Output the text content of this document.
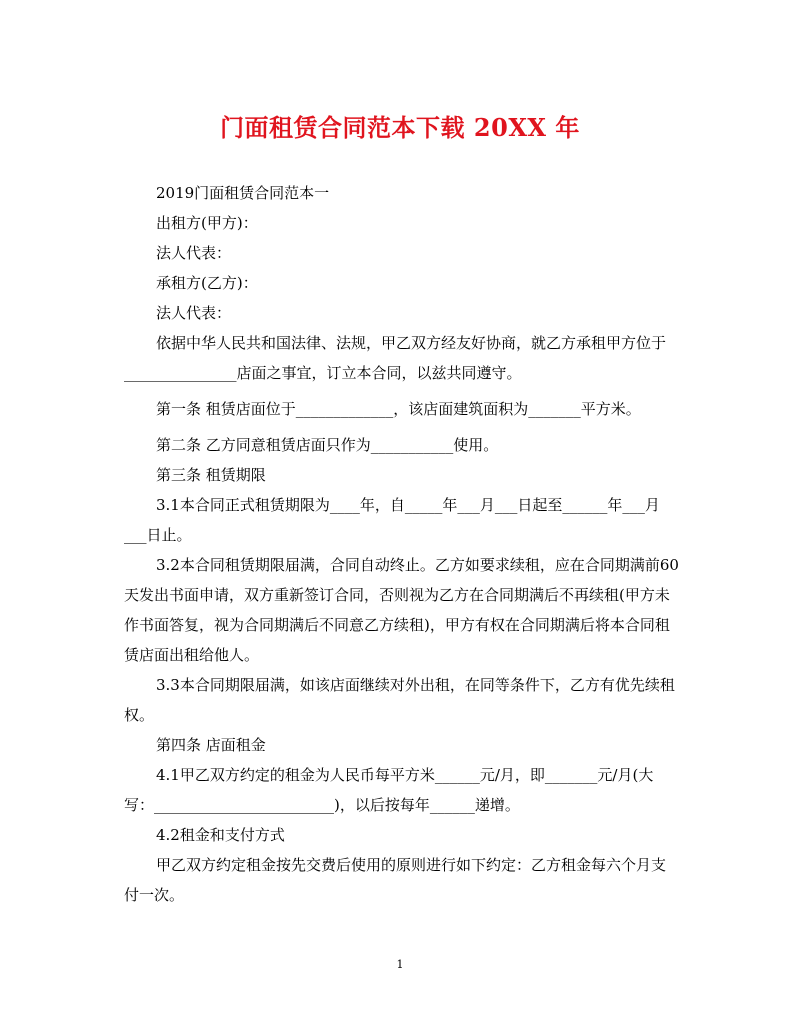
门面租赁合同范本下载 20XX 年

2019门面租赁合同范本一

出租方(甲方)：

法人代表：

承租方(乙方)：

法人代表：

依据中华人民共和国法律、法规，甲乙双方经友好协商，就乙方承租甲方位于_______________店面之事宜，订立本合同，以兹共同遵守。

第一条 租赁店面位于_____________，该店面建筑面积为_______平方米。

第二条 乙方同意租赁店面只作为___________使用。

第三条 租赁期限

3.1本合同正式租赁期限为____年，自_____年___月___日起至______年___月___日止。

3.2本合同租赁期限届满，合同自动终止。乙方如要求续租，应在合同期满前60天发出书面申请，双方重新签订合同，否则视为乙方在合同期满后不再续租(甲方未作书面答复，视为合同期满后不同意乙方续租)，甲方有权在合同期满后将本合同租赁店面出租给他人。

3.3本合同期限届满，如该店面继续对外出租，在同等条件下，乙方有优先续租权。

第四条 店面租金

4.1甲乙双方约定的租金为人民币每平方米______元/月，即_______元/月(大写：________________________)，以后按每年______递增。

4.2租金和支付方式

甲乙双方约定租金按先交费后使用的原则进行如下约定：乙方租金每六个月支付一次。

1
